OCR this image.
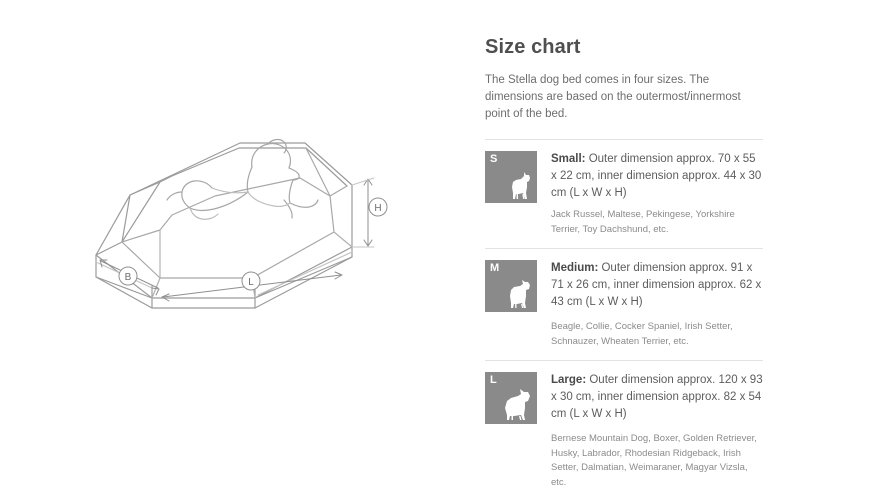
H
L
B
Size chart

The Stella dog bed comes in four sizes. The dimensions are based on the outermost/innermost point of the bed.

S	Small: Outer dimension approx. 70 x 55 x 22 cm, inner dimension approx. 44 x 30 cm (L x W x H)

Jack Russel, Maltese, Pekingese, Yorkshire Terrier, Toy Dachshund, etc.

M	Medium: Outer dimension approx. 91 x 71 x 26 cm, inner dimension approx. 62 x 43 cm (L x W x H)

Beagle, Collie, Cocker Spaniel, Irish Setter, Schnauzer, Wheaten Terrier, etc.

L	Large: Outer dimension approx. 120 x 93 x 30 cm, inner dimension approx. 82 x 54 cm (L x W x H)

Bernese Mountain Dog, Boxer, Golden Retriever, Husky, Labrador, Rhodesian Ridgeback, Irish Setter, Dalmatian, Weimaraner, Magyar Vizsla, etc.
